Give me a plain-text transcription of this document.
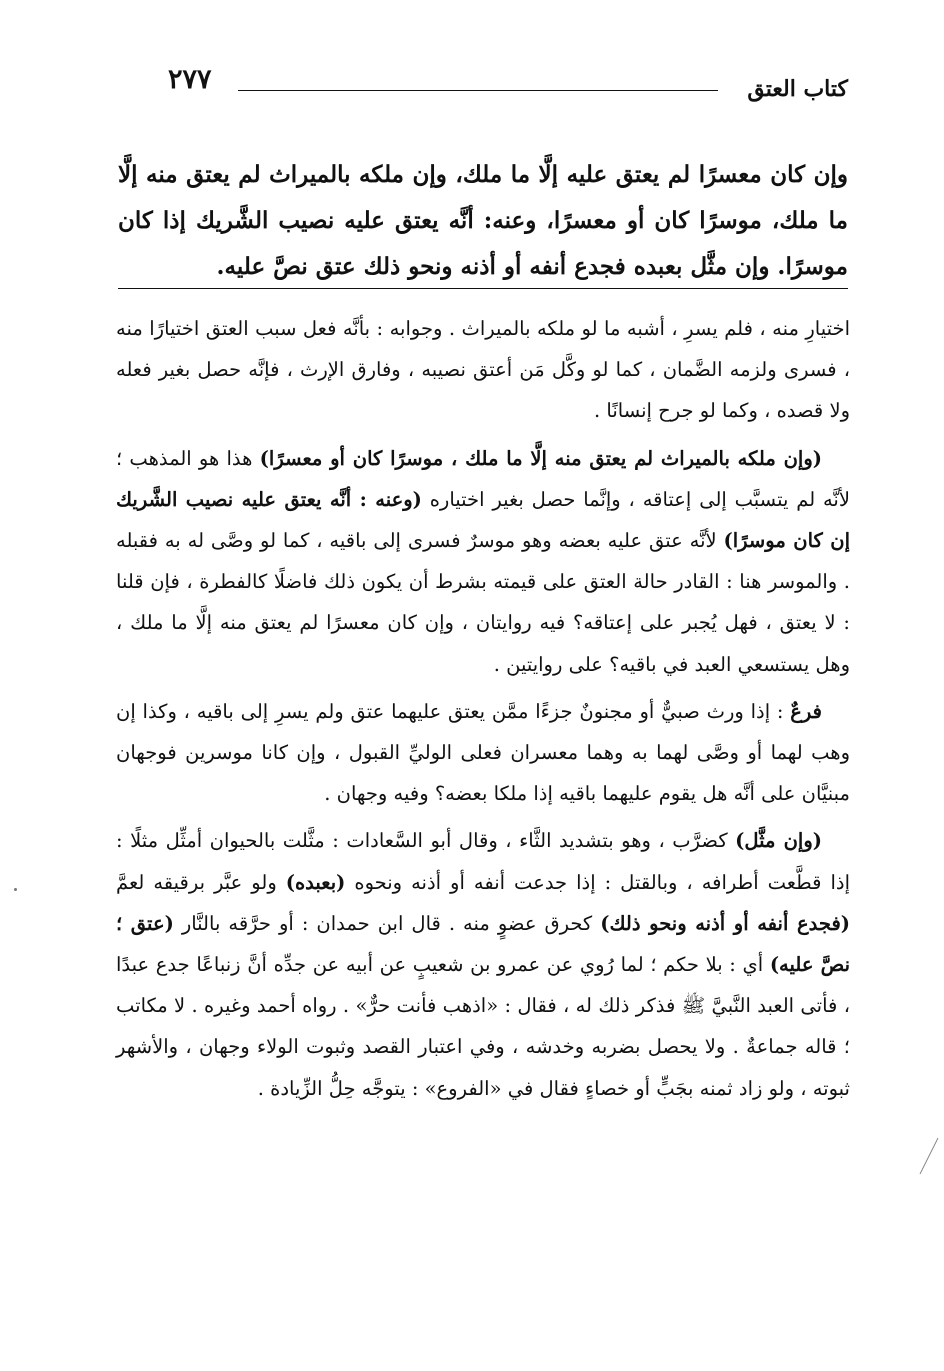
٢٧٧	كتاب العتق
وإن كان معسرًا لم يعتق عليه إلَّا ما ملك، وإن ملكه بالميراث لم يعتق منه إلَّا ما ملك، موسرًا كان أو معسرًا، وعنه: أنَّه يعتق عليه نصيب الشَّريك إذا كان موسرًا. وإن مثَّل بعبده فجدع أنفه أو أذنه ونحو ذلك عتق نصَّ عليه.

اختيارِ منه ، فلم يسرِ ، أشبه ما لو ملكه بالميراث . وجوابه : بأنَّه فعل سبب العتق اختيارًا منه ، فسرى ولزمه الضَّمان ، كما لو وكَّل مَن أعتق نصيبه ، وفارق الإرث ، فإنَّه حصل بغير فعله ولا قصده ، وكما لو جرح إنسانًا .

(وإن ملكه بالميراث لم يعتق منه إلَّا ما ملك ، موسرًا كان أو معسرًا) هذا هو المذهب ؛ لأنَّه لم يتسبَّب إلى إعتاقه ، وإنَّما حصل بغير اختياره (وعنه : أنَّه يعتق عليه نصيب الشَّريك إن كان موسرًا) لأنَّه عتق عليه بعضه وهو موسرٌ فسرى إلى باقيه ، كما لو وصَّى له به فقبله . والموسر هنا : القادر حالة العتق على قيمته بشرط أن يكون ذلك فاضلًا كالفطرة ، فإن قلنا : لا يعتق ، فهل يُجبر على إعتاقه؟ فيه روايتان ، وإن كان معسرًا لم يعتق منه إلَّا ما ملك ، وهل يستسعي العبد في باقيه؟ على روايتين .

فرعٌ : إذا ورث صبيٌّ أو مجنونٌ جزءًا ممَّن يعتق عليهما عتق ولم يسرِ إلى باقيه ، وكذا إن وهب لهما أو وصَّى لهما به وهما معسران فعلى الوليِّ القبول ، وإن كانا موسرين فوجهان مبنيَّان على أنَّه هل يقوم عليهما باقيه إذا ملكا بعضه؟ وفيه وجهان .

(وإن مثَّل) كضرَّب ، وهو بتشديد الثَّاء ، وقال أبو السَّعادات : مثَّلت بالحيوان أمثِّل مثلًا : إذا قطَّعت أطرافه ، وبالقتل : إذا جدعت أنفه أو أذنه ونحوه (بعبده) ولو عبَّر برقيقه لعمَّ (فجدع أنفه أو أذنه ونحو ذلك) كحرق عضوٍ منه . قال ابن حمدان : أو حرَّقه بالنَّار (عتق ؛ نصَّ عليه) أي : بلا حكم ؛ لما رُوي عن عمرو بن شعيبٍ عن أبيه عن جدِّه أنَّ زنباعًا جدع عبدًا ، فأتى العبد النَّبيَّ ﷺ فذكر ذلك له ، فقال : «اذهب فأنت حرٌّ» . رواه أحمد وغيره . لا مكاتب ؛ قاله جماعةٌ . ولا يحصل بضربه وخدشه ، وفي اعتبار القصد وثبوت الولاء وجهان ، والأشهر ثبوته ، ولو زاد ثمنه بجَبٍّ أو خصاءٍ فقال في «الفروع» : يتوجَّه حِلُّ الزِّيادة .
